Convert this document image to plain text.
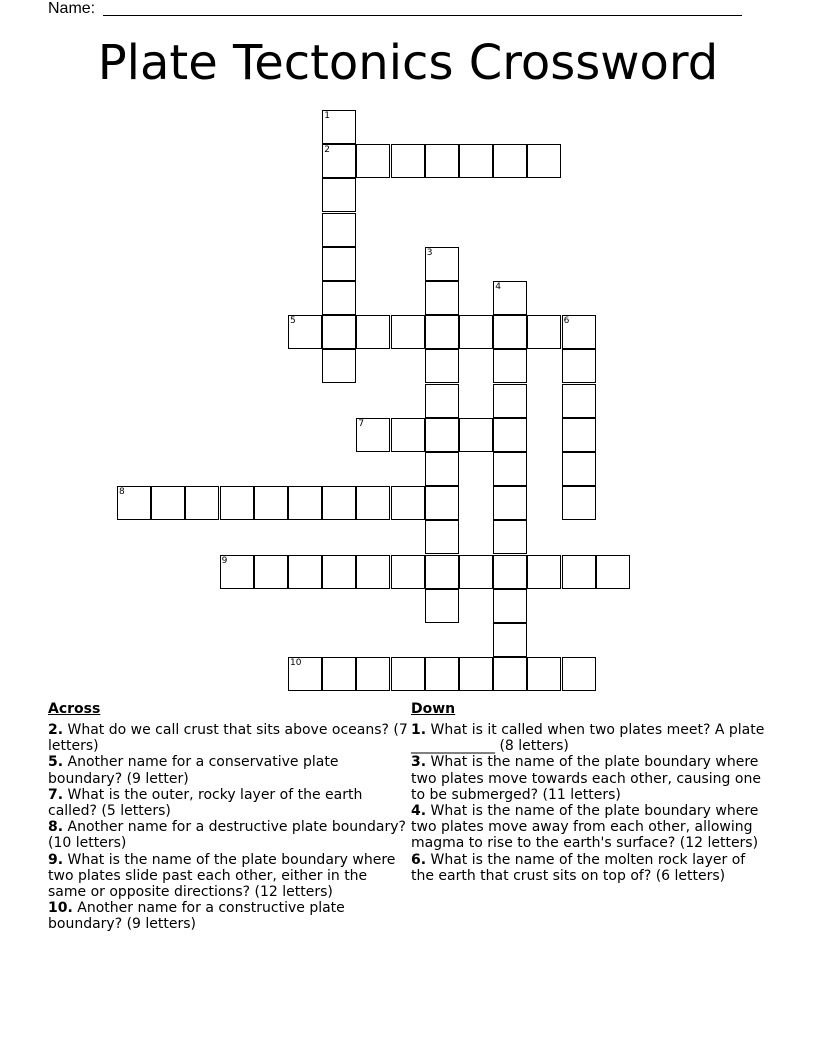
Name:
Plate Tectonics Crossword
1
2
3
4
5	6
7
8
9
10
Across

2. What do we call crust that sits above oceans? (7 letters)

5. Another name for a conservative plate boundary? (9 letter)

7. What is the outer, rocky layer of the earth called? (5 letters)

8. Another name for a destructive plate boundary? (10 letters)

9. What is the name of the plate boundary where two plates slide past each other, either in the same or opposite directions? (12 letters)

10. Another name for a constructive plate boundary? (9 letters)

Down

1. What is it called when two plates meet? A plate ____________ (8 letters)

3. What is the name of the plate boundary where two plates move towards each other, causing one to be submerged? (11 letters)

4. What is the name of the plate boundary where two plates move away from each other, allowing magma to rise to the earth's surface? (12 letters)

6. What is the name of the molten rock layer of the earth that crust sits on top of? (6 letters)
